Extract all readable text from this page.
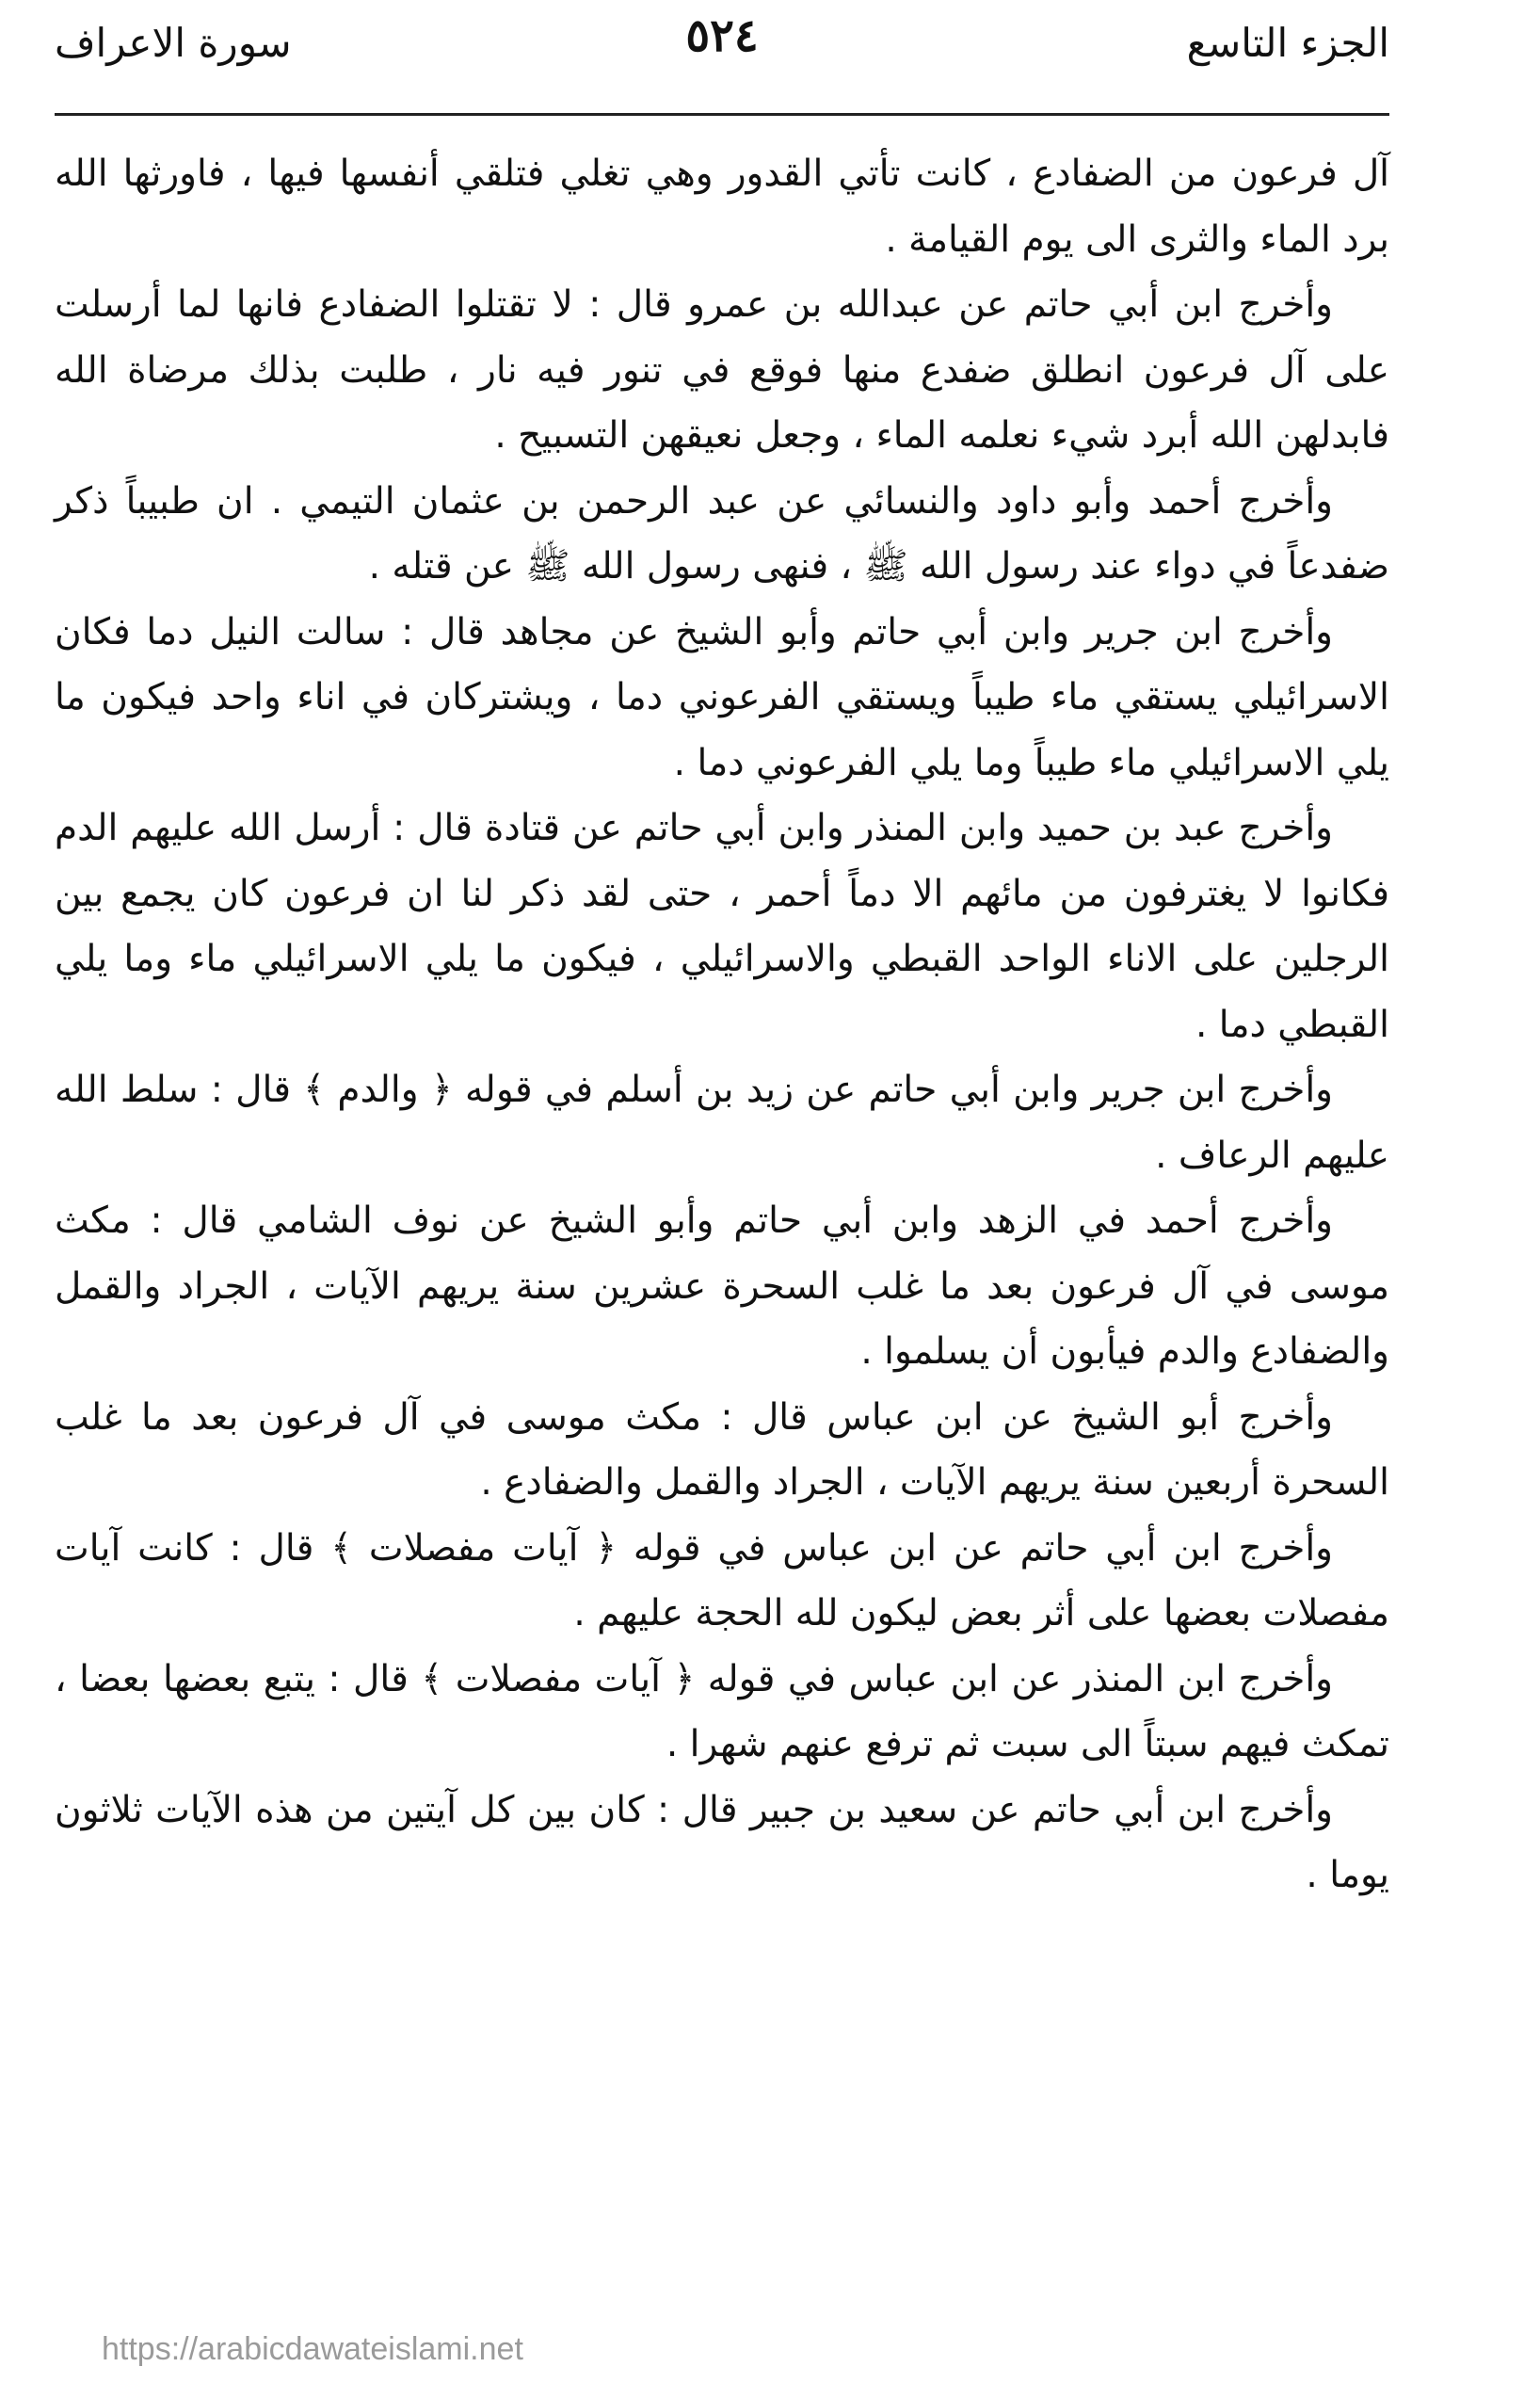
الجزء التاسع
٥٢٤
سورة الاعراف

آل فرعون من الضفادع ، كانت تأتي القدور وهي تغلي فتلقي أنفسها فيها ، فاورثها الله برد الماء والثرى الى يوم القيامة .

وأخرج ابن أبي حاتم عن عبدالله بن عمرو قال : لا تقتلوا الضفادع فانها لما أرسلت على آل فرعون انطلق ضفدع منها فوقع في تنور فيه نار ، طلبت بذلك مرضاة الله فابدلهن الله أبرد شيء نعلمه الماء ، وجعل نعيقهن التسبيح .

وأخرج أحمد وأبو داود والنسائي عن عبد الرحمن بن عثمان التيمي . ان طبيباً ذكر ضفدعاً في دواء عند رسول الله ﷺ ، فنهى رسول الله ﷺ عن قتله .

وأخرج ابن جرير وابن أبي حاتم وأبو الشيخ عن مجاهد قال : سالت النيل دما فكان الاسرائيلي يستقي ماء طيباً ويستقي الفرعوني دما ، ويشتركان في اناء واحد فيكون ما يلي الاسرائيلي ماء طيباً وما يلي الفرعوني دما .

وأخرج عبد بن حميد وابن المنذر وابن أبي حاتم عن قتادة قال : أرسل الله عليهم الدم فكانوا لا يغترفون من مائهم الا دماً أحمر ، حتى لقد ذكر لنا ان فرعون كان يجمع بين الرجلين على الاناء الواحد القبطي والاسرائيلي ، فيكون ما يلي الاسرائيلي ماء وما يلي القبطي دما .

وأخرج ابن جرير وابن أبي حاتم عن زيد بن أسلم في قوله ﴿ والدم ﴾ قال : سلط الله عليهم الرعاف .

وأخرج أحمد في الزهد وابن أبي حاتم وأبو الشيخ عن نوف الشامي قال : مكث موسى في آل فرعون بعد ما غلب السحرة عشرين سنة يريهم الآيات ، الجراد والقمل والضفادع والدم فيأبون أن يسلموا .

وأخرج أبو الشيخ عن ابن عباس قال : مكث موسى في آل فرعون بعد ما غلب السحرة أربعين سنة يريهم الآيات ، الجراد والقمل والضفادع .

وأخرج ابن أبي حاتم عن ابن عباس في قوله ﴿ آيات مفصلات ﴾ قال : كانت آيات مفصلات بعضها على أثر بعض ليكون لله الحجة عليهم .

وأخرج ابن المنذر عن ابن عباس في قوله ﴿ آيات مفصلات ﴾ قال : يتبع بعضها بعضا ، تمكث فيهم سبتاً الى سبت ثم ترفع عنهم شهرا .

وأخرج ابن أبي حاتم عن سعيد بن جبير قال : كان بين كل آيتين من هذه الآيات ثلاثون يوما .

https://arabicdawateislami.net
